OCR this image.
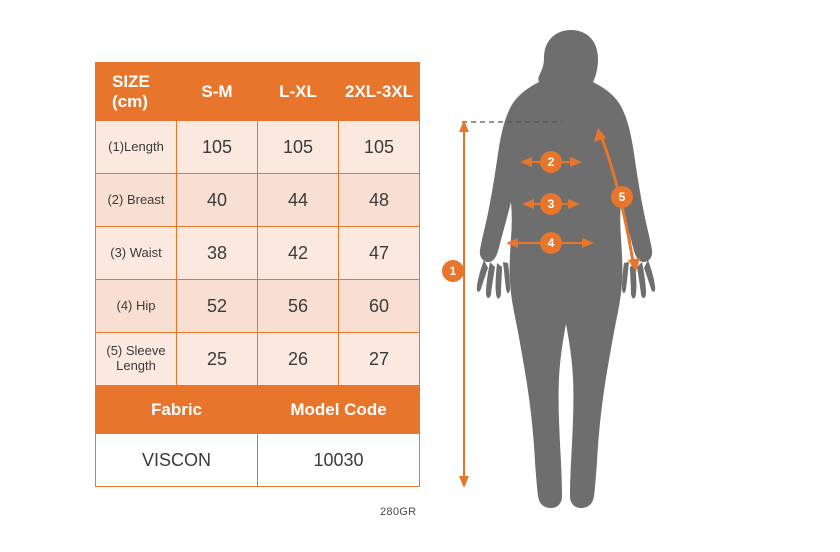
SIZE
(cm)	S-M	L-XL	2XL-3XL
(1)Length	105	105	105
(2) Breast	40	44	48
(3) Waist	38	42	47
(4) Hip	52	56	60
(5) Sleeve Length	25	26	27
Fabric		Model Code	
VISCON		10030	
280GR
1
2
3
4
5
